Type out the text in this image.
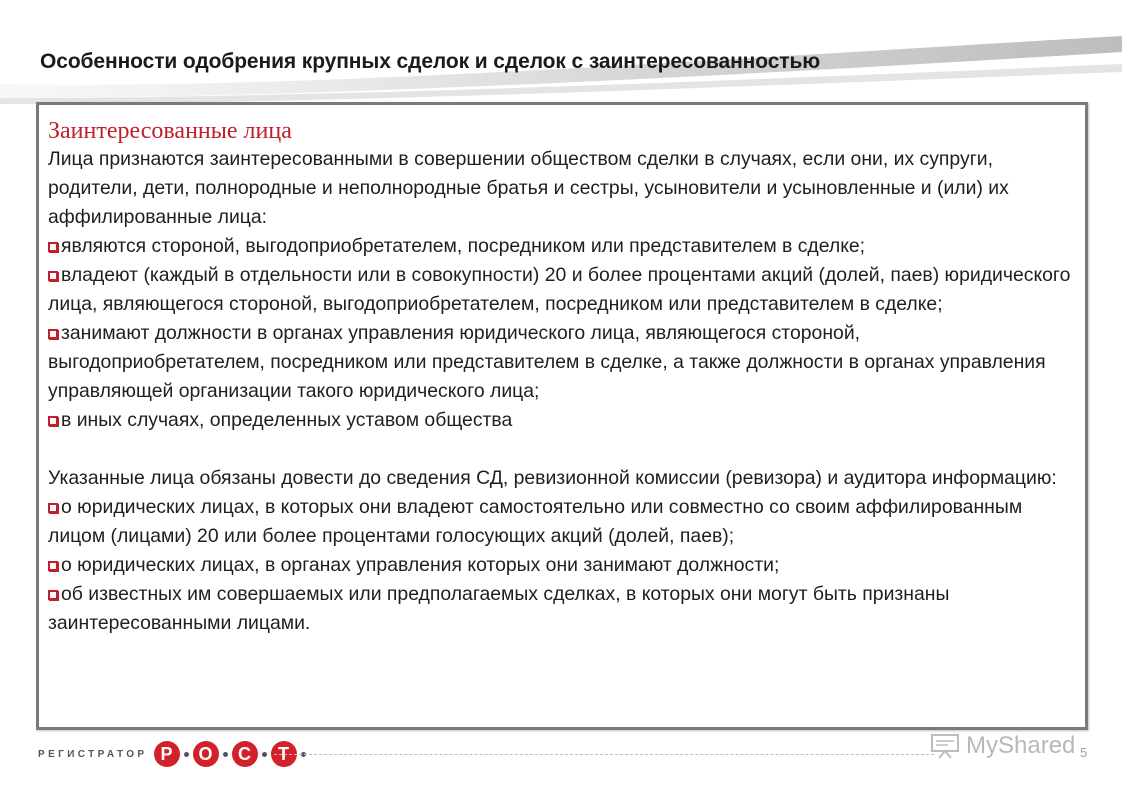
Особенности одобрения крупных сделок и сделок с заинтересованностью
Заинтересованные лица

Лица признаются заинтересованными в совершении обществом сделки в случаях, если они, их супруги, родители, дети, полнородные и неполнородные братья и сестры, усыновители и усыновленные и (или) их аффилированные лица:

являются стороной, выгодоприобретателем, посредником или представителем в сделке;
владеют (каждый в отдельности или в совокупности) 20 и более процентами акций (долей, паев) юридического лица, являющегося стороной, выгодоприобретателем, посредником или представителем в сделке;
занимают должности в органах управления юридического лица, являющегося стороной, выгодоприобретателем, посредником или представителем в сделке, а также должности в органах управления управляющей организации такого юридического лица;
в иных случаях, определенных уставом общества

Указанные лица обязаны довести до сведения СД, ревизионной комиссии (ревизора) и аудитора информацию:

о юридических лицах, в которых они владеют самостоятельно или совместно со своим аффилированным лицом (лицами) 20 или более процентами голосующих акций (долей, паев);
о юридических лицах, в органах управления которых они занимают должности;
об известных им совершаемых или предполагаемых сделках, в которых они могут быть признаны заинтересованными лицами.
РЕГИСТРАТОР Р	О	С	Т	MyShared 5
